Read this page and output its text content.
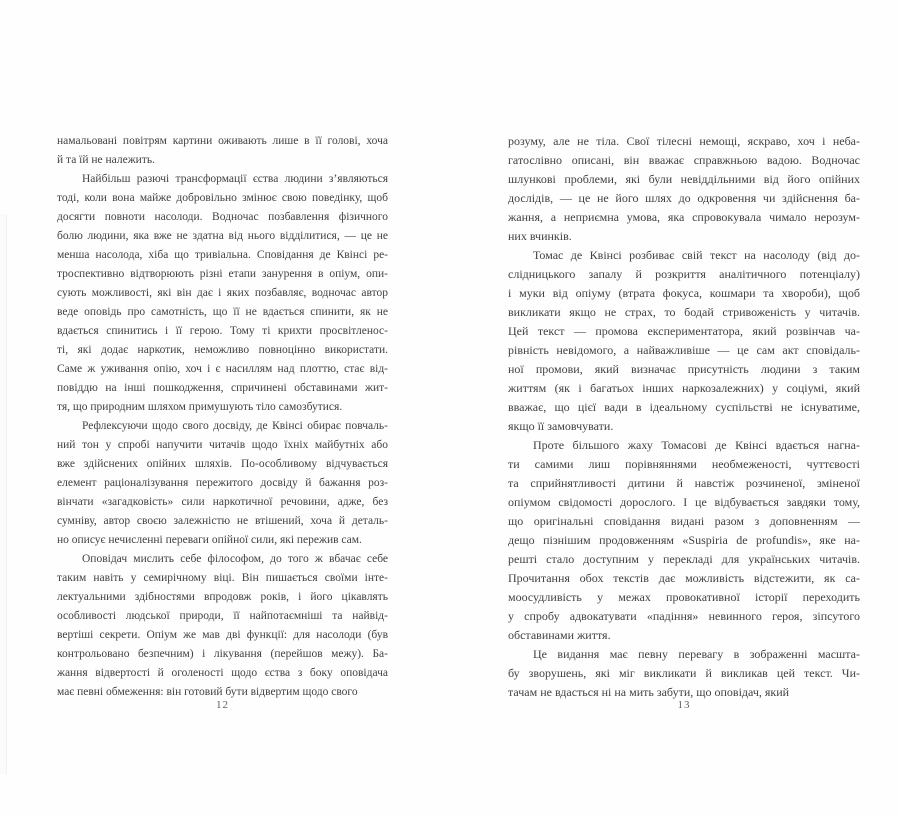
намальовані повітрям картини оживають лише в її голові, хоча
й та їй не належить.
Найбільш разючі трансформації єства людини з’являються
тоді, коли вона майже добровільно змінює свою поведінку, щоб
досягти повноти насолоди. Водночас позбавлення фізичного
болю людини, яка вже не здатна від нього відділитися, — це не
менша насолода, хіба що тривіальна. Сповідання де Квінсі ре-
троспективно відтворюють різні етапи занурення в опіум, опи-
сують можливості, які він дає і яких позбавляє, водночас автор
веде оповідь про самотність, що її не вдається спинити, як не
вдається спинитись і її герою. Тому ті крихти просвітленос-
ті, які додає наркотик, неможливо повноцінно використати.
Саме ж уживання опію, хоч і є насиллям над плоттю, стає від-
повіддю на інші пошкодження, спричинені обставинами жит-
тя, що природним шляхом примушують тіло самозбутися.
Рефлексуючи щодо свого досвіду, де Квінсі обирає повчаль-
ний тон у спробі напучити читачів щодо їхніх майбутніх або
вже здійснених опійних шляхів. По-особливому відчувається
елемент раціоналізування пережитого досвіду й бажання роз-
вінчати «загадковість» сили наркотичної речовини, адже, без
сумніву, автор своєю залежністю не втішений, хоча й деталь-
но описує нечисленні переваги опійної сили, які пережив сам.
Оповідач мислить себе філософом, до того ж вбачає себе
таким навіть у семирічному віці. Він пишається своїми інте-
лектуальними здібностями впродовж років, і його цікавлять
особливості людської природи, її найпотаємніші та найвід-
вертіші секрети. Опіум же мав дві функції: для насолоди (був
контрольовано безпечним) і лікування (перейшов межу). Ба-
жання відвертості й оголеності щодо єства з боку оповідача
має певні обмеження: він готовий бути відвертим щодо свого
розуму, але не тіла. Свої тілесні немощі, яскраво, хоч і неба-
гатослівно описані, він вважає справжньою вадою. Водночас
шлункові проблеми, які були невіддільними від його опійних
дослідів, — це не його шлях до одкровення чи здійснення ба-
жання, а неприємна умова, яка спровокувала чимало нерозум-
них вчинків.
Томас де Квінсі розбиває свій текст на насолоду (від до-
слідницького запалу й розкриття аналітичного потенціалу)
і муки від опіуму (втрата фокуса, кошмари та хвороби), щоб
викликати якщо не страх, то бодай стривоженість у читачів.
Цей текст — промова експериментатора, який розвінчав ча-
рівність невідомого, а найважливіше — це сам акт сповідаль-
ної промови, який визначає присутність людини з таким
життям (як і багатьох інших наркозалежних) у соціумі, який
вважає, що цієї вади в ідеальному суспільстві не існуватиме,
якщо її замовчувати.
Проте більшого жаху Томасові де Квінсі вдається нагна-
ти самими лиш порівняннями необмеженості, чуттєвості
та сприйнятливості дитини й навстіж розчиненої, зміненої
опіумом свідомості дорослого. І це відбувається завдяки тому,
що оригінальні сповідання видані разом з доповненням —
дещо пізнішим продовженням «Suspiria de profundis», яке на-
решті стало доступним у перекладі для українських читачів.
Прочитання обох текстів дає можливість відстежити, як са-
моосудливість у межах провокативної історії переходить
у спробу адвокатувати «падіння» невинного героя, зіпсутого
обставинами життя.
Це видання має певну перевагу в зображенні масшта-
бу зворушень, які міг викликати й викликав цей текст. Чи-
тачам не вдасться ні на мить забути, що оповідач, який
12	13
